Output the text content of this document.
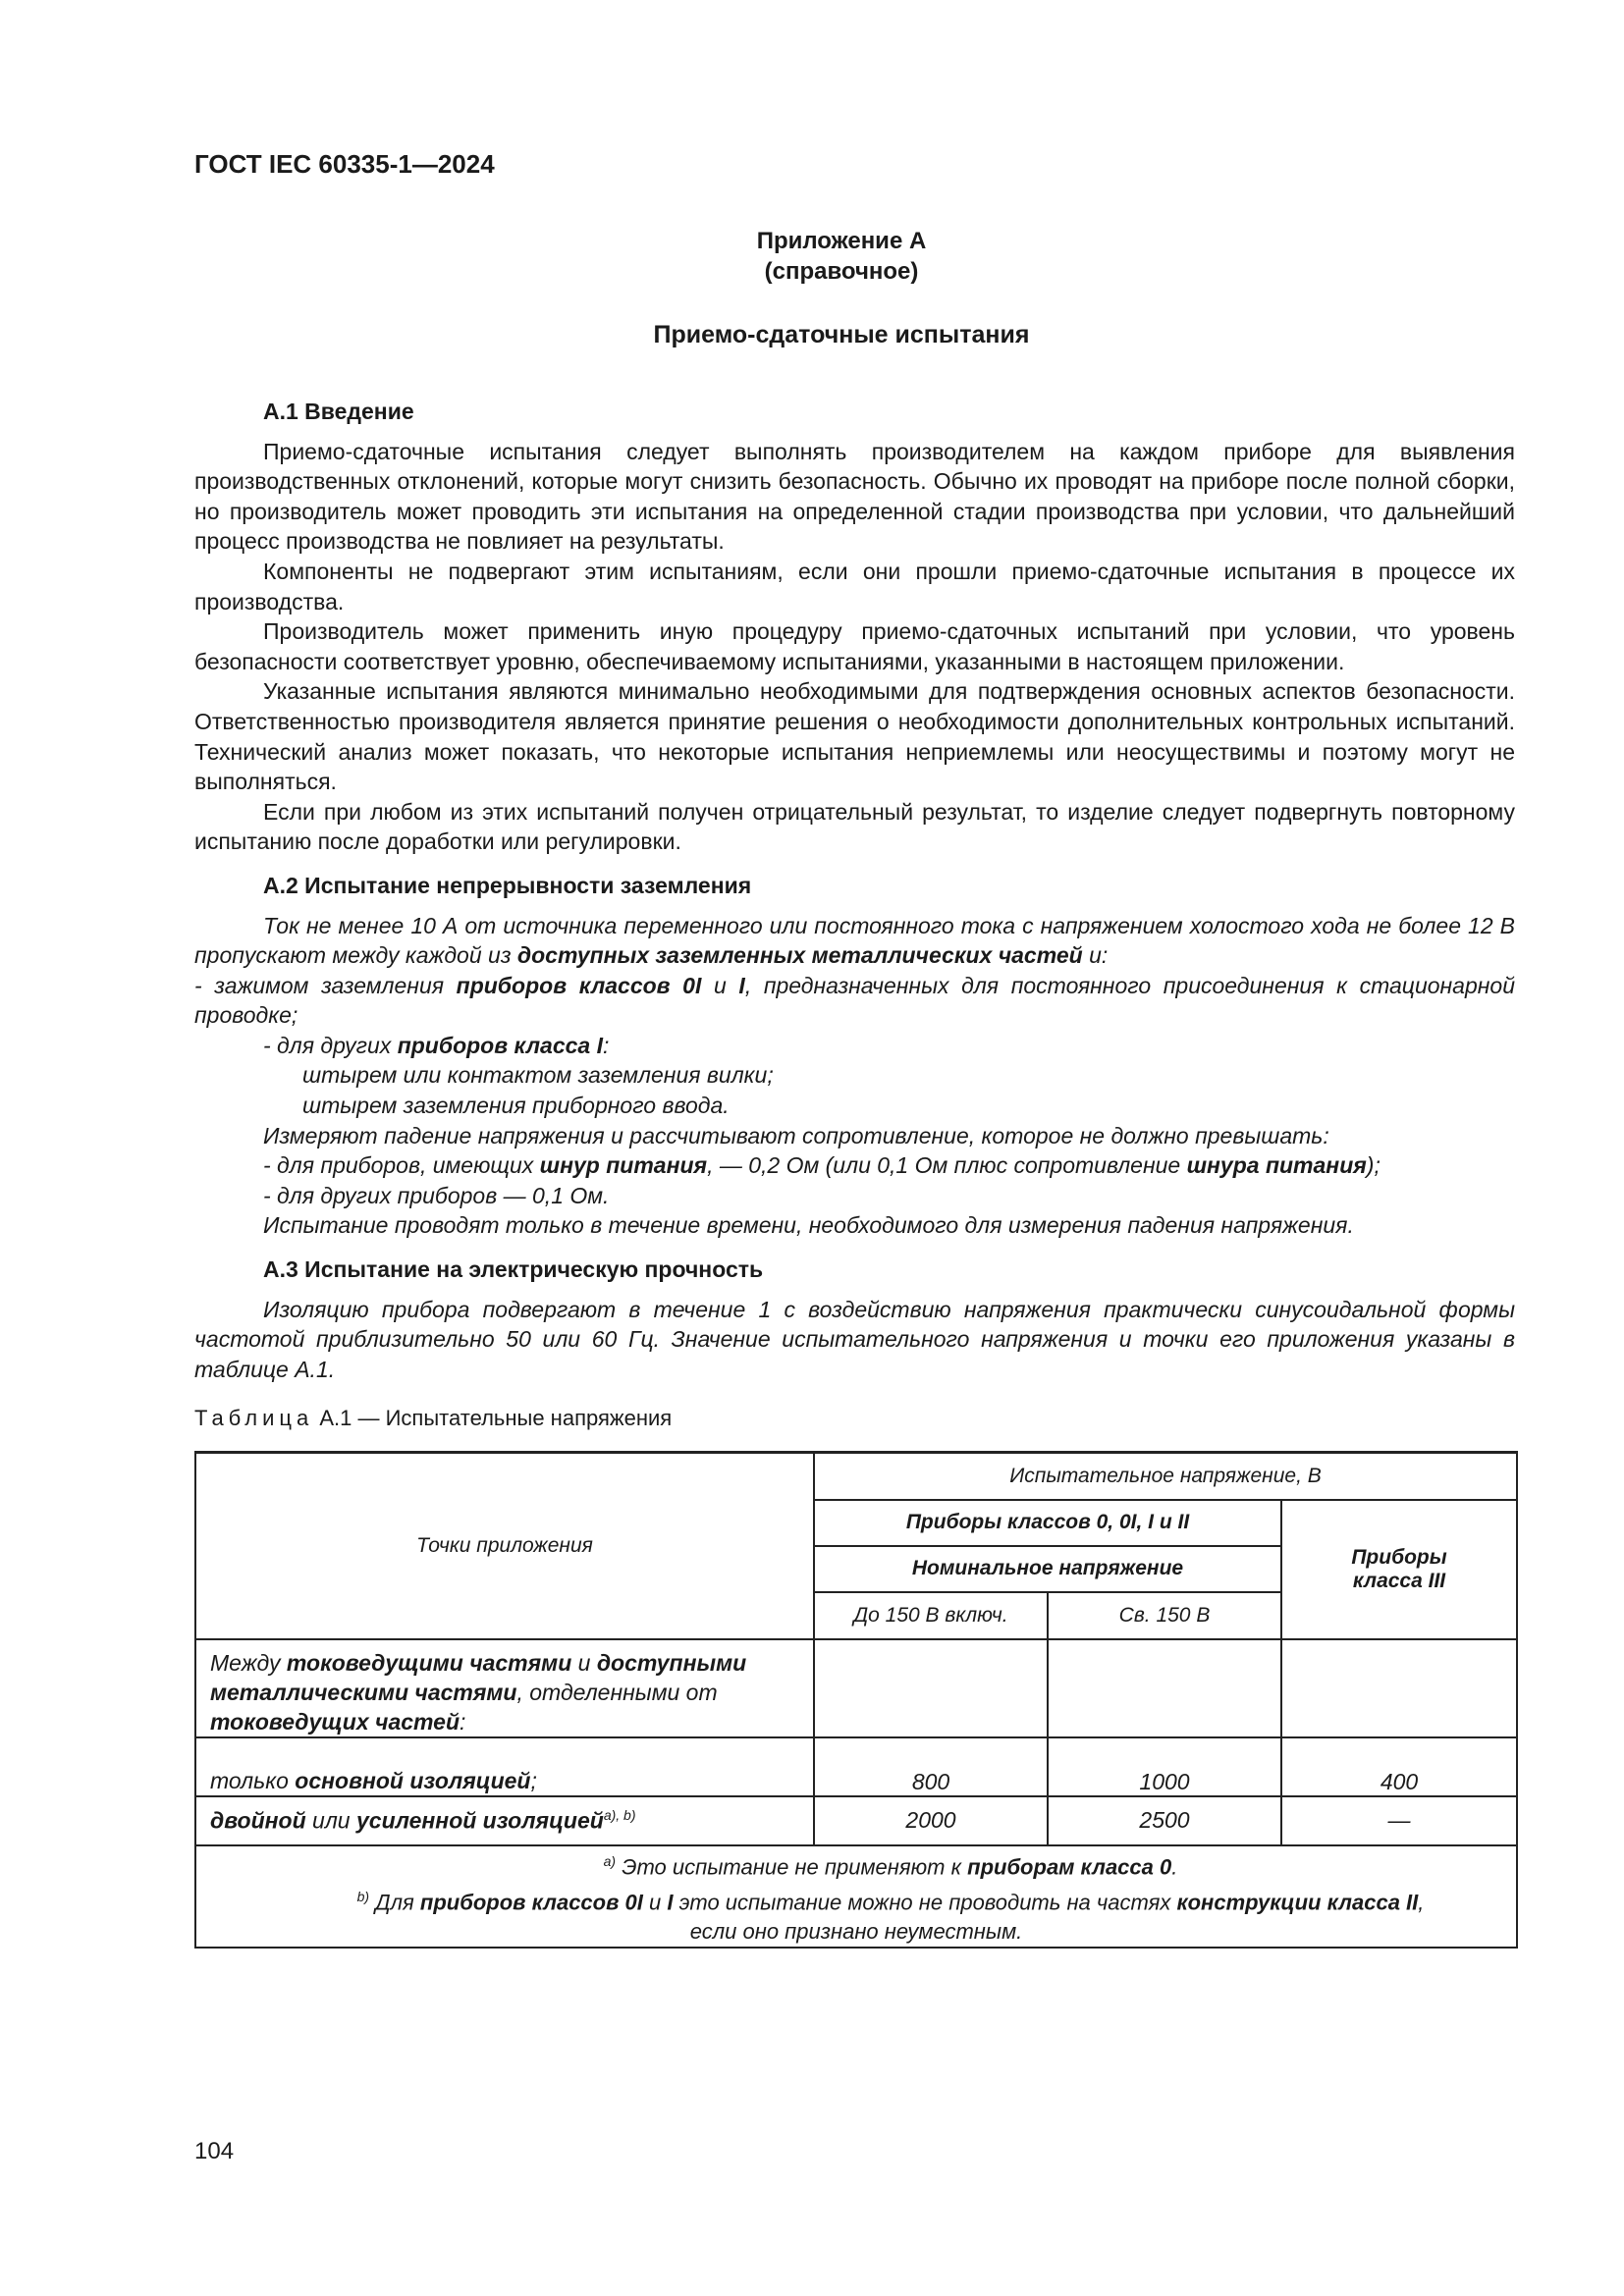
ГОСТ IEC 60335-1—2024
Приложение А
(справочное)
Приемо-сдаточные испытания

А.1 Введение

Приемо-сдаточные испытания следует выполнять производителем на каждом приборе для выявления производственных отклонений, которые могут снизить безопасность. Обычно их проводят на приборе после полной сборки, но производитель может проводить эти испытания на определенной стадии производства при условии, что дальнейший процесс производства не повлияет на результаты.

Компоненты не подвергают этим испытаниям, если они прошли приемо-сдаточные испытания в процессе их производства.

Производитель может применить иную процедуру приемо-сдаточных испытаний при условии, что уровень безопасности соответствует уровню, обеспечиваемому испытаниями, указанными в настоящем приложении.

Указанные испытания являются минимально необходимыми для подтверждения основных аспектов безопасности. Ответственностью производителя является принятие решения о необходимости дополнительных контрольных испытаний. Технический анализ может показать, что некоторые испытания неприемлемы или неосуществимы и поэтому могут не выполняться.

Если при любом из этих испытаний получен отрицательный результат, то изделие следует подвергнуть повторному испытанию после доработки или регулировки.

А.2 Испытание непрерывности заземления

Ток не менее 10 А от источника переменного или постоянного тока с напряжением холостого хода не более 12 В пропускают между каждой из доступных заземленных металлических частей и:

- зажимом заземления приборов классов 0I и I, предназначенных для постоянного присоединения к стационарной проводке;

- для других приборов класса I:

штырем или контактом заземления вилки;

штырем заземления приборного ввода.

Измеряют падение напряжения и рассчитывают сопротивление, которое не должно превышать:

- для приборов, имеющих шнур питания, — 0,2 Ом (или 0,1 Ом плюс сопротивление шнура питания);

- для других приборов — 0,1 Ом.

Испытание проводят только в течение времени, необходимого для измерения падения напряжения.

А.3 Испытание на электрическую прочность

Изоляцию прибора подвергают в течение 1 с воздействию напряжения практически синусоидальной формы частотой приблизительно 50 или 60 Гц. Значение испытательного напряжения и точки его приложения указаны в таблице А.1.

Таблица А.1 — Испытательные напряжения
Точки приложения	Испытательное напряжение, В		
	Приборы классов 0, 0I, I и II		Приборы
класса III

	Номинальное напряжение		
	До 150 В включ.	Св. 150 В	
Между токоведущими частями и доступными металлическими частями, отделенными от токоведущих частей:			
только основной изоляцией;	800	1000	400
двойной или усиленной изоляцией$^{a), b)}$	2000	2500	—

$^{a)}$ Это испытание не применяют к приборам класса 0.
$^{b)}$ Для приборов классов 0I и I это испытание можно не проводить на частях конструкции класса II,
если оно признано неуместным.			
104
